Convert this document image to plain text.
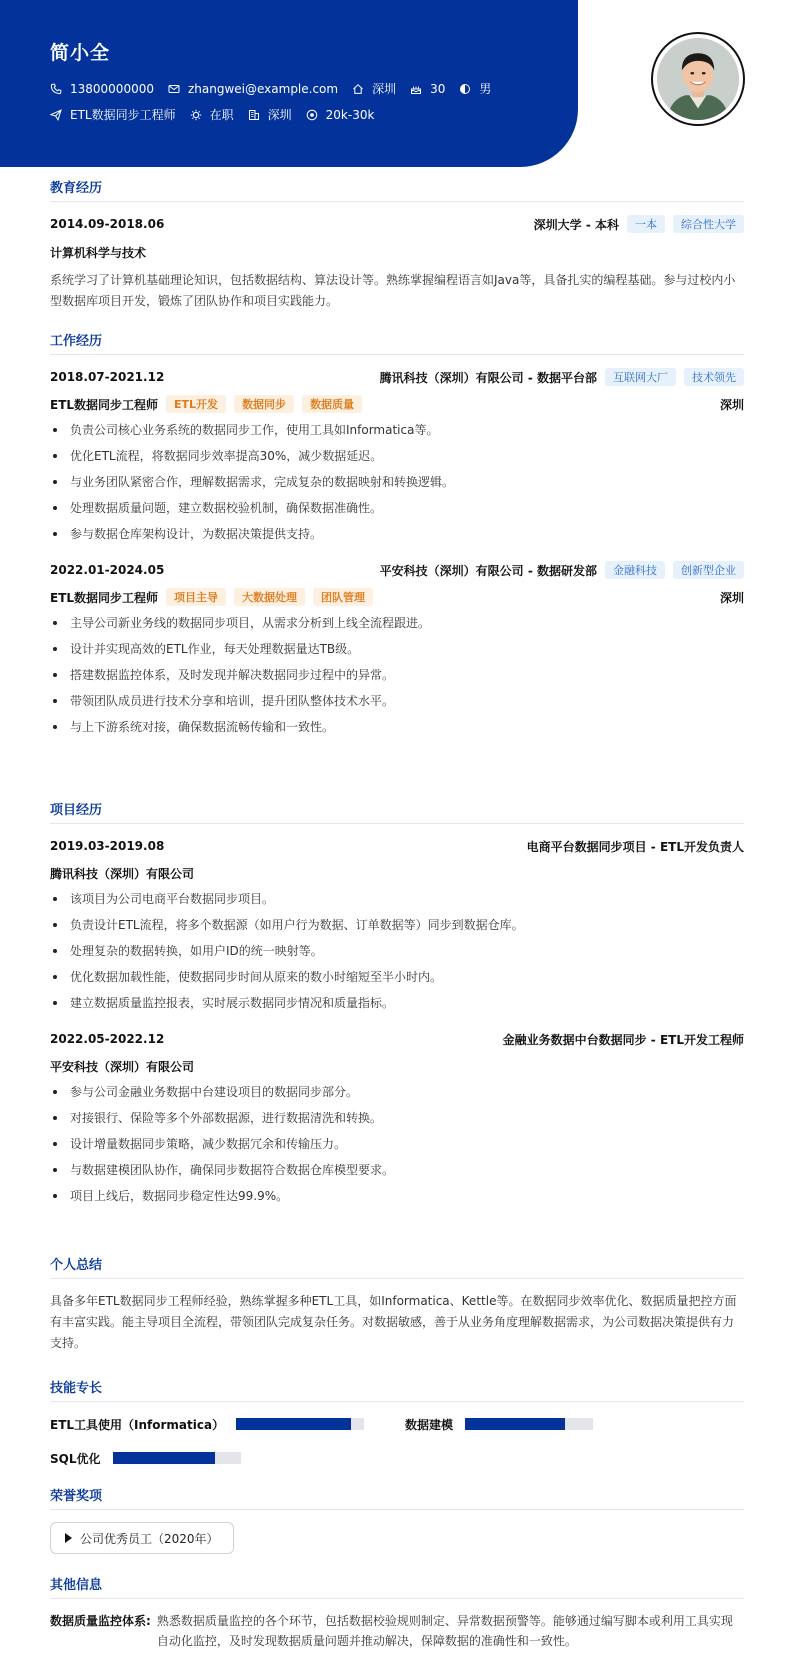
简小全
13800000000	zhangwei@example.com	深圳	30	男
ETL数据同步工程师	在职	深圳	20k-30k
教育经历
2014.09-2018.06	深圳大学 - 本科	一本	综合性大学
计算机科学与技术
系统学习了计算机基础理论知识，包括数据结构、算法设计等。熟练掌握编程语言如Java等，具备扎实的编程基础。参与过校内小型数据库项目开发，锻炼了团队协作和项目实践能力。
工作经历
2018.07-2021.12	腾讯科技（深圳）有限公司 - 数据平台部	互联网大厂	技术领先
ETL数据同步工程师	ETL开发	数据同步	数据质量	深圳
负责公司核心业务系统的数据同步工作，使用工具如Informatica等。
优化ETL流程，将数据同步效率提高30%，减少数据延迟。
与业务团队紧密合作，理解数据需求，完成复杂的数据映射和转换逻辑。
处理数据质量问题，建立数据校验机制，确保数据准确性。
参与数据仓库架构设计，为数据决策提供支持。
2022.01-2024.05	平安科技（深圳）有限公司 - 数据研发部	金融科技	创新型企业
ETL数据同步工程师	项目主导	大数据处理	团队管理	深圳
主导公司新业务线的数据同步项目，从需求分析到上线全流程跟进。
设计并实现高效的ETL作业，每天处理数据量达TB级。
搭建数据监控体系，及时发现并解决数据同步过程中的异常。
带领团队成员进行技术分享和培训，提升团队整体技术水平。
与上下游系统对接，确保数据流畅传输和一致性。
项目经历
2019.03-2019.08	电商平台数据同步项目 - ETL开发负责人
腾讯科技（深圳）有限公司
该项目为公司电商平台数据同步项目。
负责设计ETL流程，将多个数据源（如用户行为数据、订单数据等）同步到数据仓库。
处理复杂的数据转换，如用户ID的统一映射等。
优化数据加载性能，使数据同步时间从原来的数小时缩短至半小时内。
建立数据质量监控报表，实时展示数据同步情况和质量指标。
2022.05-2022.12	金融业务数据中台数据同步 - ETL开发工程师
平安科技（深圳）有限公司
参与公司金融业务数据中台建设项目的数据同步部分。
对接银行、保险等多个外部数据源，进行数据清洗和转换。
设计增量数据同步策略，减少数据冗余和传输压力。
与数据建模团队协作，确保同步数据符合数据仓库模型要求。
项目上线后，数据同步稳定性达99.9%。
个人总结
具备多年ETL数据同步工程师经验，熟练掌握多种ETL工具，如Informatica、Kettle等。在数据同步效率优化、数据质量把控方面有丰富实践。能主导项目全流程，带领团队完成复杂任务。对数据敏感，善于从业务角度理解数据需求，为公司数据决策提供有力支持。
技能专长
ETL工具使用（Informatica）	数据建模
SQL优化
荣誉奖项
公司优秀员工（2020年）
其他信息
数据质量监控体系: 熟悉数据质量监控的各个环节，包括数据校验规则制定、异常数据预警等。能够通过编写脚本或利用工具实现自动化监控，及时发现数据质量问题并推动解决，保障数据的准确性和一致性。
